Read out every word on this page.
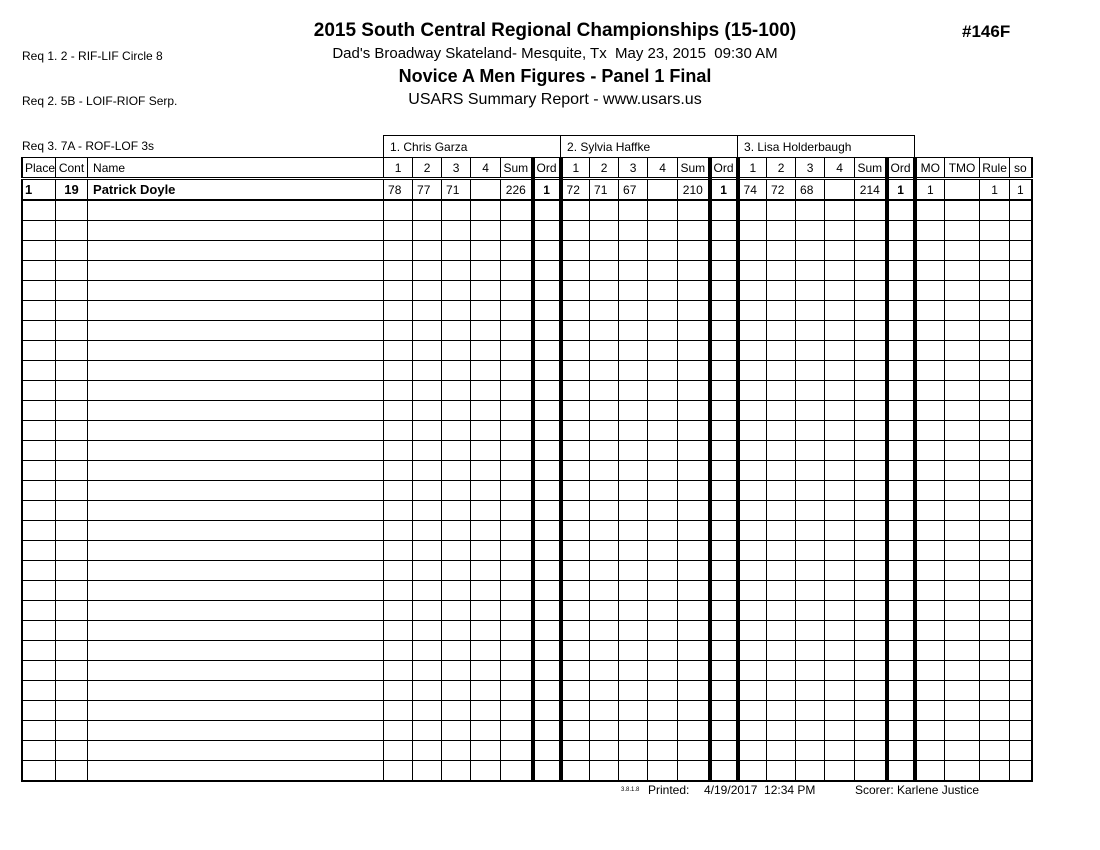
Req 1. 2 - RIF-LIF Circle 8

Req 2. 5B - LOIF-RIOF Serp.

Req 3. 7A - ROF-LOF 3s

2015 South Central Regional Championships (15-100)
Dad's Broadway Skateland- Mesquite, Tx  May 23, 2015  09:30 AM
Novice A Men Figures - Panel 1 Final
USARS Summary Report - www.usars.us
#146F
			1. Chris Garza						2. Sylvia Haffke						3. Lisa Holderbaugh									
Place	Cont	Name	1	2	3	4	Sum	Ord	1	2	3	4	Sum	Ord	1	2	3	4	Sum	Ord	MO	TMO	Rule	so
1	19	Patrick Doyle	78	77	71		226	1	72	71	67		210	1	74	72	68		214	1	1		1	1

3.8.1.8 Printed: 4/19/2017  12:34 PM	Scorer: Karlene Justice
